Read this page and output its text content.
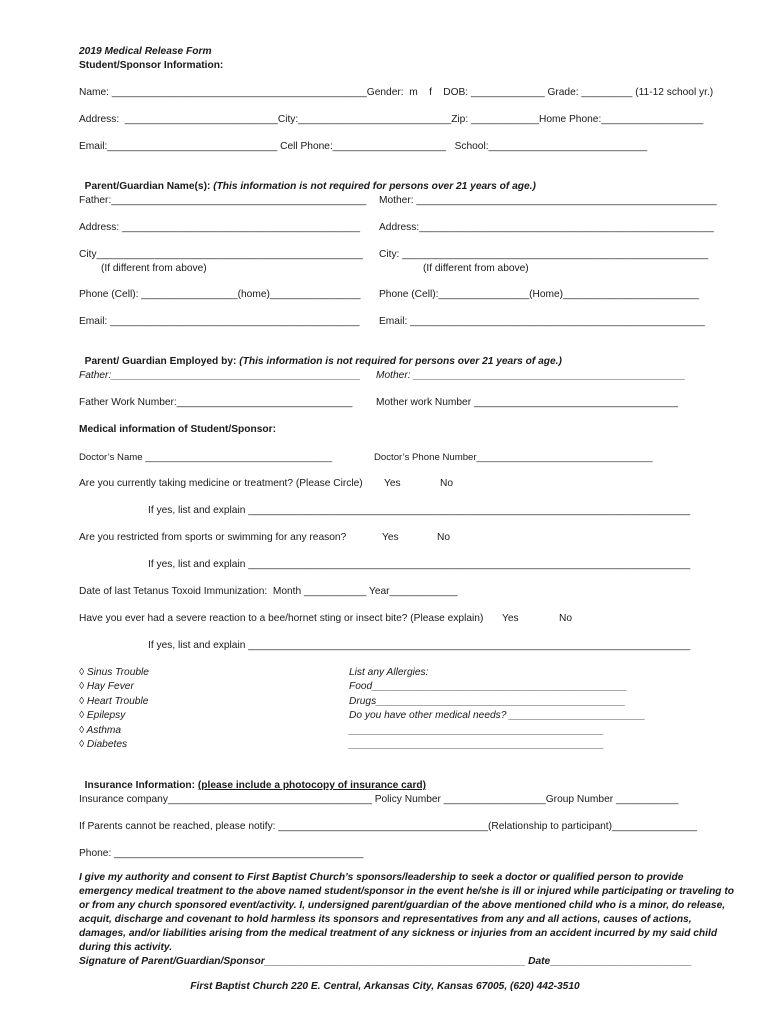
2019 Medical Release Form
Student/Sponsor Information:
Name: _____________________________________________Gender:  m    f    DOB: _____________ Grade: _________ (11-12 school yr.)
Address:  ___________________________City:___________________________Zip: ____________Home Phone:__________________
Email:______________________________ Cell Phone:____________________   School:____________________________

Parent/Guardian Name(s): (This information is not required for persons over 21 years of age.)

Father:_____________________________________________ Mother: _____________________________________________________
Address: __________________________________________ Address:____________________________________________________
City_______________________________________________ City: ______________________________________________________
(If different from above)	(If different from above)
Phone (Cell): _________________(home)________________ Phone (Cell):________________(Home)________________________
Email: ____________________________________________ Email: ____________________________________________________

Parent/ Guardian Employed by: (This information is not required for persons over 21 years of age.)

Father:____________________________________________ Mother: ________________________________________________
Father Work Number:_______________________________ Mother work Number ____________________________________
Medical information of Student/Sponsor:
Doctor’s Name ___________________________________	Doctor’s Phone Number_________________________________
Are you currently taking medicine or treatment? (Please Circle) Yes	No
If yes, list and explain ______________________________________________________________________________
Are you restricted from sports or swimming for any reason?	Yes	No
If yes, list and explain ______________________________________________________________________________
Date of last Tetanus Toxoid Immunization:  Month ___________ Year____________
Have you ever had a severe reaction to a bee/hornet sting or insect bite? (Please explain) Yes	No
If yes, list and explain ______________________________________________________________________________
◊ Sinus Trouble
◊ Hay Fever
◊ Heart Trouble
◊ Epilepsy
◊ Asthma
◊ Diabetes
List any Allergies:
Food_____________________________________________
Drugs____________________________________________
Do you have other medical needs? ________________________
_____________________________________________
_____________________________________________

Insurance Information: (please include a photocopy of insurance card)

Insurance company____________________________________ Policy Number __________________Group Number ___________
If Parents cannot be reached, please notify: _____________________________________(Relationship to participant)_______________
Phone: ____________________________________________

I give my authority and consent to First Baptist Church’s sponsors/leadership to seek a doctor or qualified person to provide emergency medical treatment to the above named student/sponsor in the event he/she is ill or injured while participating or traveling to or from any church sponsored event/activity. I, undersigned parent/guardian of the above mentioned child who is a minor, do release, acquit, discharge and covenant to hold harmless its sponsors and representatives from any and all actions, causes of actions, damages, and/or liabilities arising from the medical treatment of any sickness or injuries from an accident incurred by my said child during this activity.

Signature of Parent/Guardian/Sponsor______________________________________________ Date_________________________
First Baptist Church 220 E. Central, Arkansas City, Kansas 67005, (620) 442-3510
